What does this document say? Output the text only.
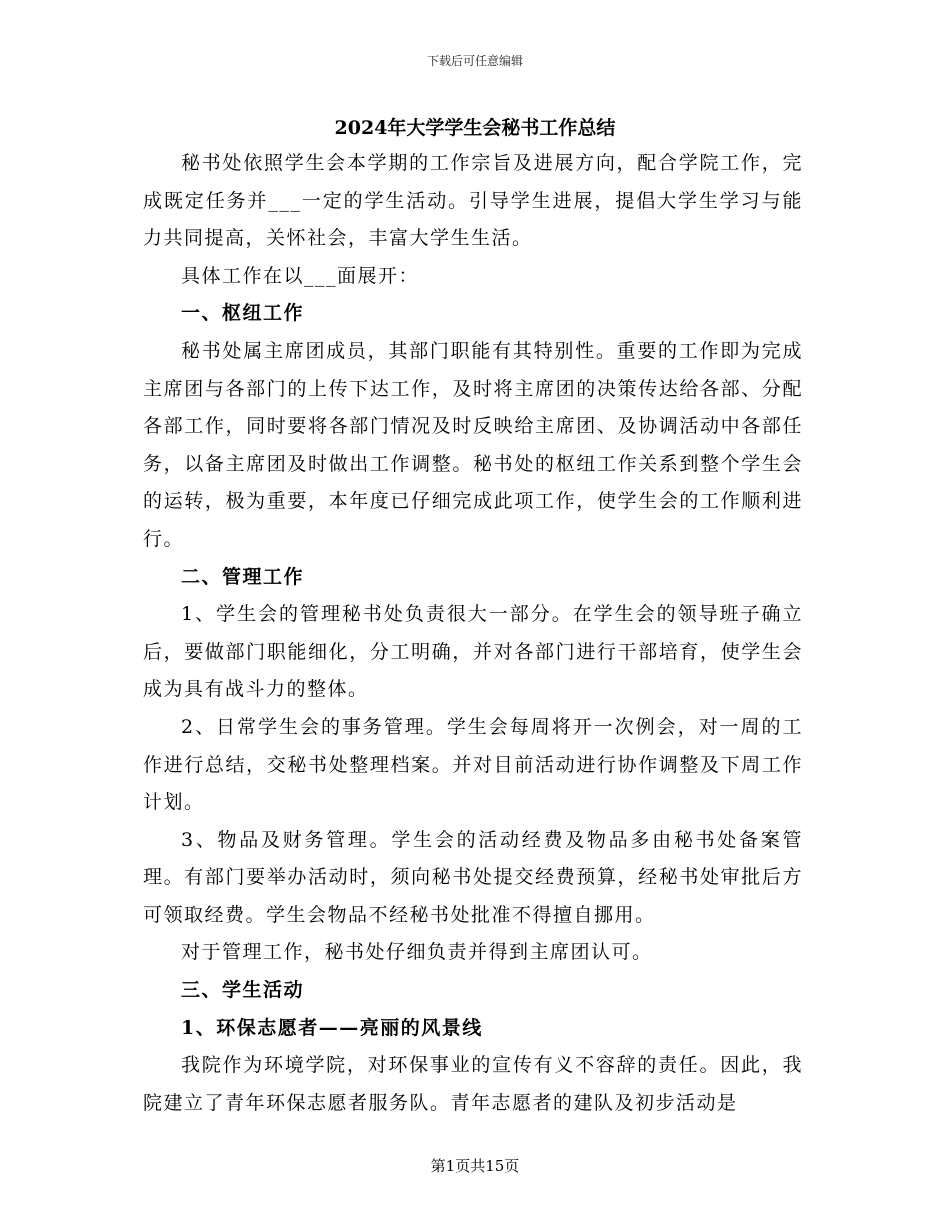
下载后可任意编辑
2024年大学学生会秘书工作总结

秘书处依照学生会本学期的工作宗旨及进展方向，配合学院工作，完成既定任务并___一定的学生活动。引导学生进展，提倡大学生学习与能力共同提高，关怀社会，丰富大学生生活。

具体工作在以___面展开：

一、枢纽工作

秘书处属主席团成员，其部门职能有其特别性。重要的工作即为完成主席团与各部门的上传下达工作，及时将主席团的决策传达给各部、分配各部工作，同时要将各部门情况及时反映给主席团、及协调活动中各部任务，以备主席团及时做出工作调整。秘书处的枢纽工作关系到整个学生会的运转，极为重要，本年度已仔细完成此项工作，使学生会的工作顺利进行。

二、管理工作

1、学生会的管理秘书处负责很大一部分。在学生会的领导班子确立后，要做部门职能细化，分工明确，并对各部门进行干部培育，使学生会成为具有战斗力的整体。

2、日常学生会的事务管理。学生会每周将开一次例会，对一周的工作进行总结，交秘书处整理档案。并对目前活动进行协作调整及下周工作计划。

3、物品及财务管理。学生会的活动经费及物品多由秘书处备案管理。有部门要举办活动时，须向秘书处提交经费预算，经秘书处审批后方可领取经费。学生会物品不经秘书处批准不得擅自挪用。

对于管理工作，秘书处仔细负责并得到主席团认可。

三、学生活动

1、环保志愿者——亮丽的风景线

我院作为环境学院，对环保事业的宣传有义不容辞的责任。因此，我院建立了青年环保志愿者服务队。青年志愿者的建队及初步活动是

第1页共15页
